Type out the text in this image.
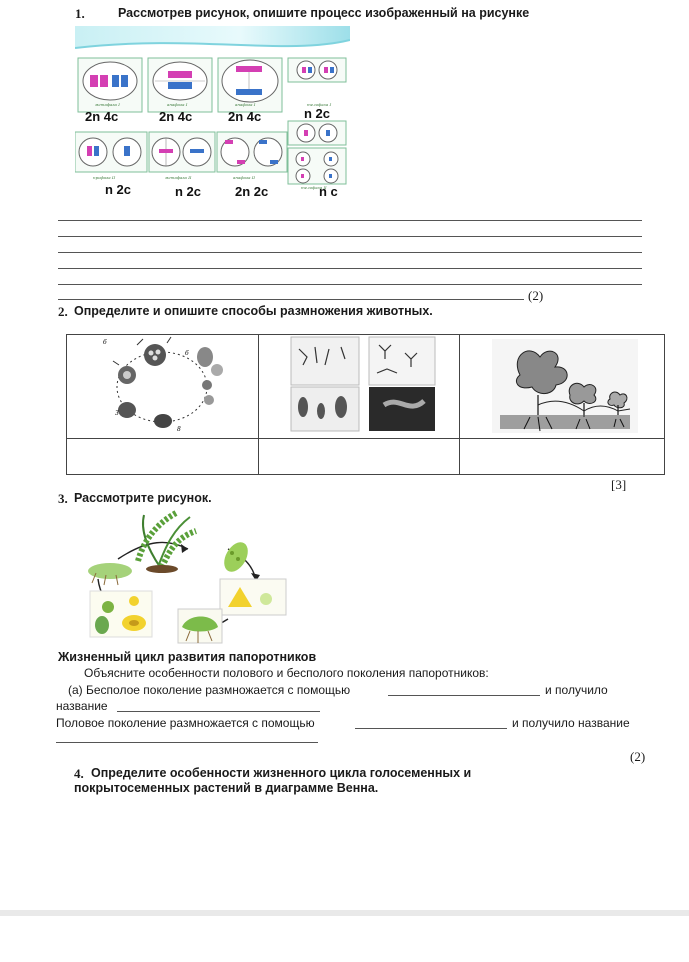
1.	Рассмотрев рисунок, опишите процесс изображенный на рисунке
метафаза I	анафаза I	анафаза I	телофаза I
2n 4c	2n 4c	2n 4c	n 2c
профаза II	метафаза II	анафаза II
телофаза II
n 2c	n 2c	2n 2c	n c
(2)
2. Определите и опишите способы размножения животных.
6
6
3
8
[3]
3. Рассмотрите рисунок.
Жизненный цикл развития папоротников
Объясните особенности полового и бесполого поколения папоротников:
(а) Бесполое поколение размножается с помощью	и получило
название
Половое поколение размножается с помощью	и получило название
(2)
4. Определите особенности жизненного цикла голосеменных и
покрытосеменных растений в диаграмме Венна.
